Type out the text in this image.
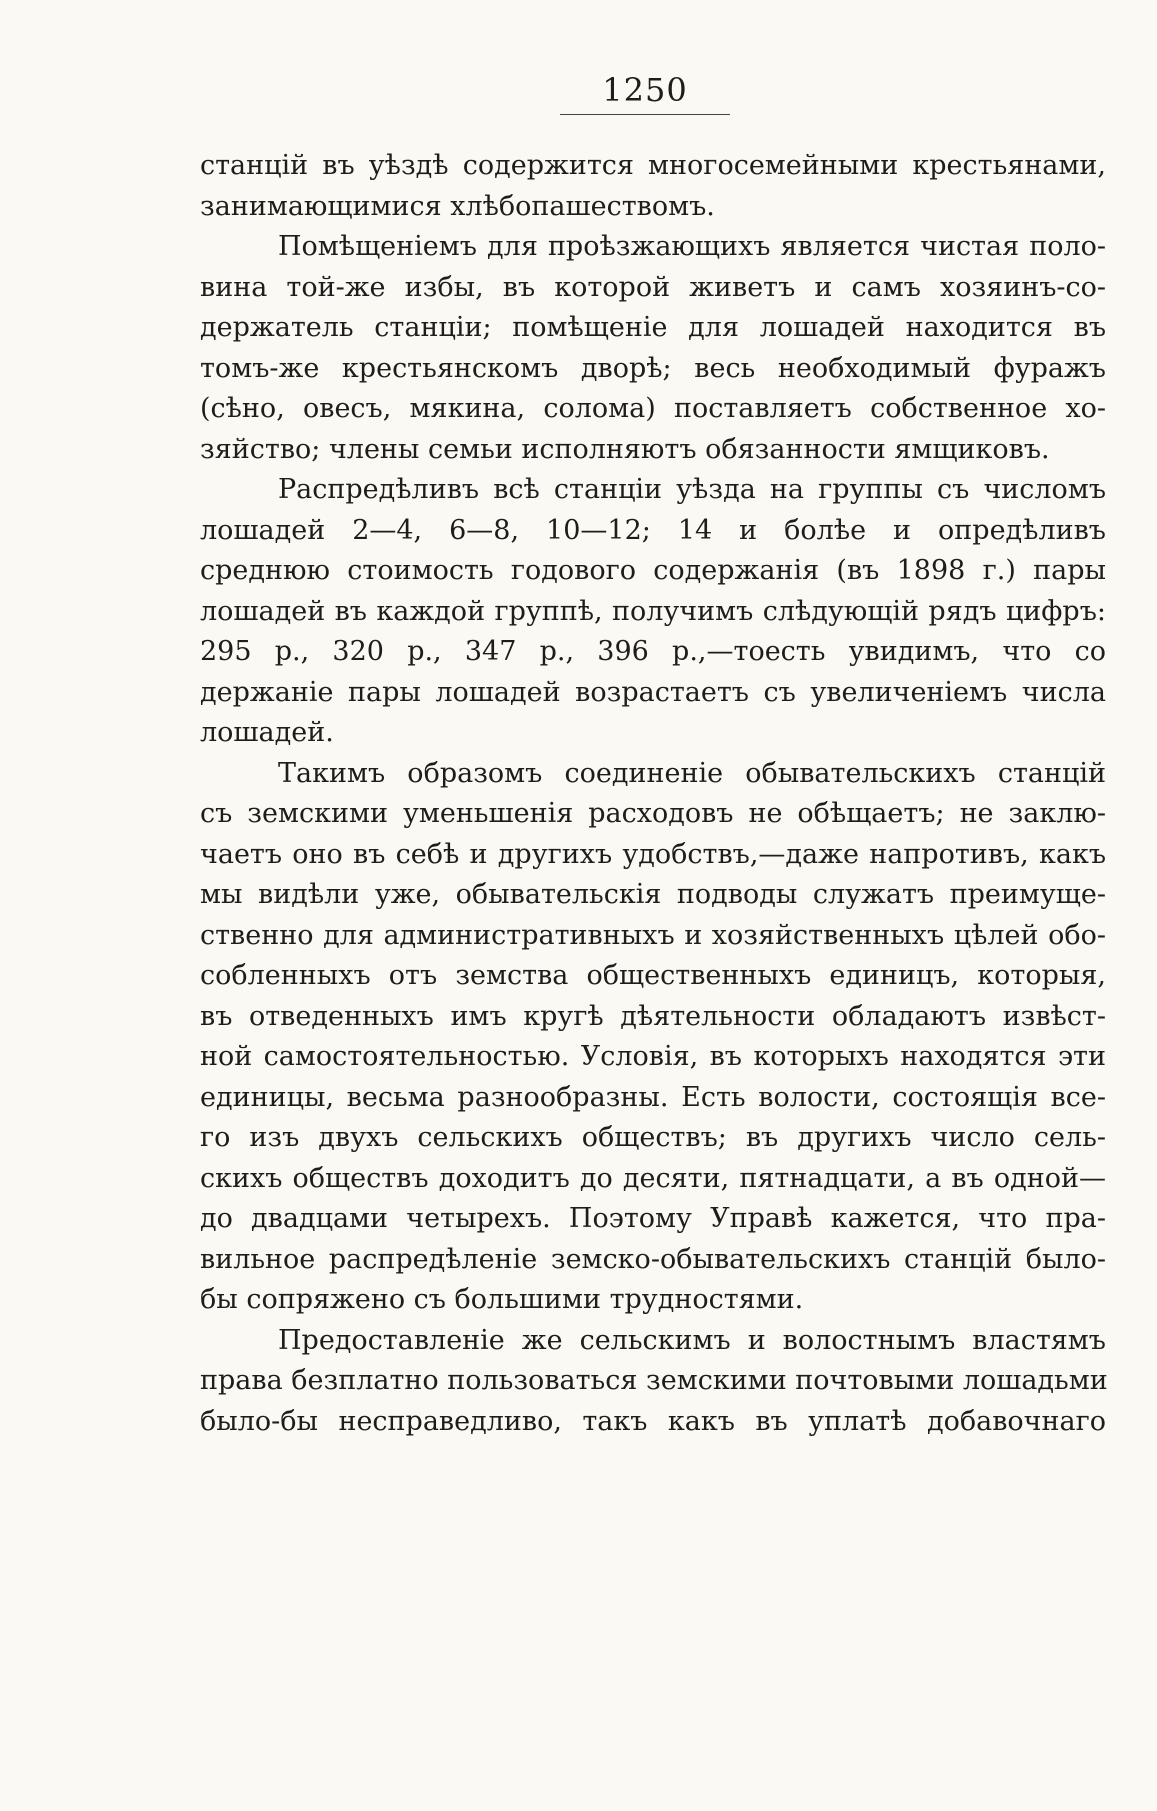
1250
станцій въ уѣздѣ содержится многосемейными крестьянами,
занимающимися хлѣбопашествомъ.
Помѣщеніемъ для проѣзжающихъ является чистая поло-
вина той-же избы, въ которой живетъ и самъ хозяинъ-со-
держатель станціи; помѣщеніе для лошадей находится въ
томъ-же крестьянскомъ дворѣ; весь необходимый фуражъ
(сѣно, овесъ, мякина, солома) поставляетъ собственное хо-
зяйство; члены семьи исполняютъ обязанности ямщиковъ.
Распредѣливъ всѣ станціи уѣзда на группы съ числомъ
лошадей 2—4, 6—8, 10—12; 14 и болѣе и опредѣливъ
среднюю стоимость годового содержанія (въ 1898 г.) пары
лошадей въ каждой группѣ, получимъ слѣдующій рядъ цифръ:
295 р., 320 р., 347 р., 396 р.,—тоесть увидимъ, что со
держаніе пары лошадей возрастаетъ съ увеличеніемъ числа
лошадей.
Такимъ образомъ соединеніе обывательскихъ станцій
съ земскими уменьшенія расходовъ не обѣщаетъ; не заклю-
чаетъ оно въ себѣ и другихъ удобствъ,—даже напротивъ, какъ
мы видѣли уже, обывательскія подводы служатъ преимуще-
ственно для административныхъ и хозяйственныхъ цѣлей обо-
собленныхъ отъ земства общественныхъ единицъ, которыя,
въ отведенныхъ имъ кругѣ дѣятельности обладаютъ извѣст-
ной самостоятельностью. Условія, въ которыхъ находятся эти
единицы, весьма разнообразны. Есть волости, состоящія все-
го изъ двухъ сельскихъ обществъ; въ другихъ число сель-
скихъ обществъ доходитъ до десяти, пятнадцати, а въ одной—
до двадцами четырехъ. Поэтому Управѣ кажется, что пра-
вильное распредѣленіе земско-обывательскихъ станцій было-
бы сопряжено съ большими трудностями.
Предоставленіе же сельскимъ и волостнымъ властямъ
права безплатно пользоваться земскими почтовыми лошадьми
было-бы несправедливо, такъ какъ въ уплатѣ добавочнаго
